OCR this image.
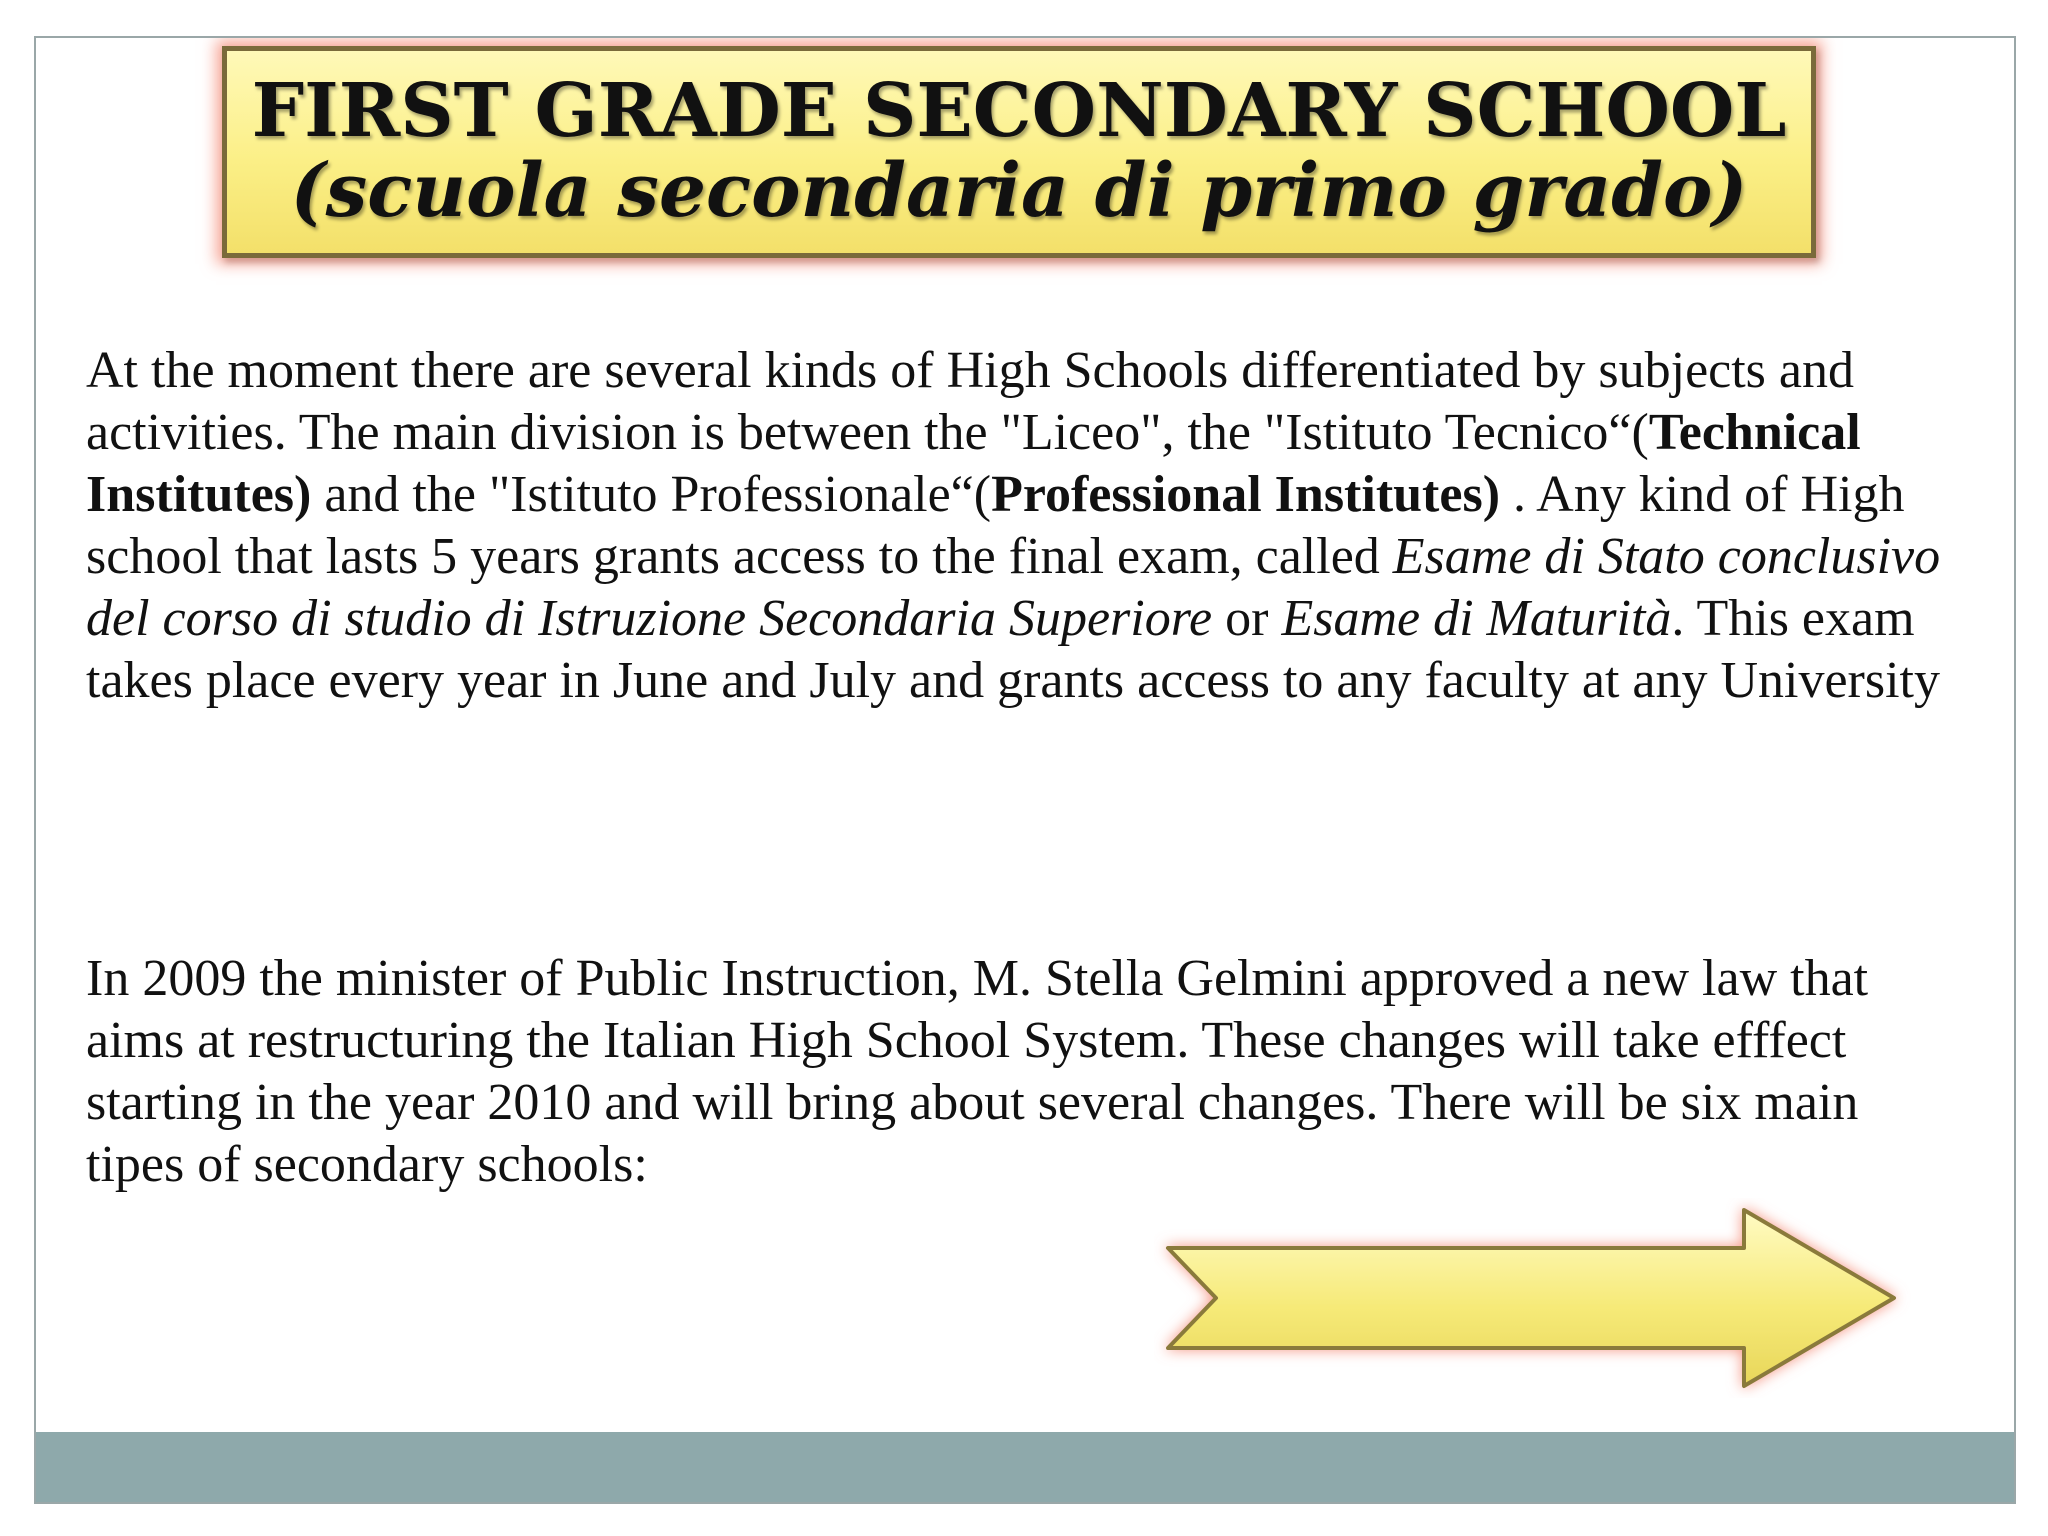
FIRST GRADE SECONDARY SCHOOL
(scuola secondaria di primo grado)

At the moment there are several kinds of High Schools differentiated by subjects and activities. The main division is between the "Liceo", the "Istituto Tecnico“(Technical Institutes) and the "Istituto Professionale“(Professional Institutes) . Any kind of High school that lasts 5 years grants access to the final exam, called Esame di Stato conclusivo del corso di studio di Istruzione Secondaria Superiore or Esame di Maturità. This exam takes place every year in June and July and grants access to any faculty at any University

In 2009 the minister of Public Instruction, M. Stella Gelmini approved a new law that aims at restructuring the Italian High School System. These changes will take efffect starting in the year 2010 and will bring about several changes. There will be six main tipes of secondary schools:
